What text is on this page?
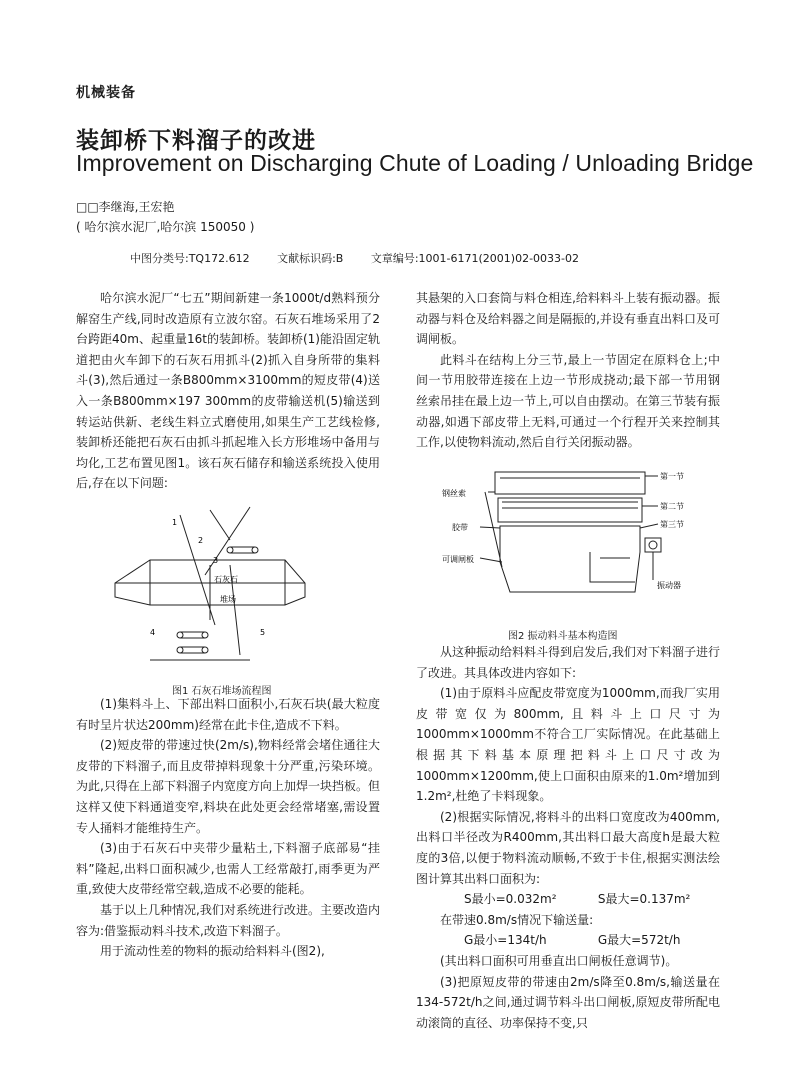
机械装备
装卸桥下料溜子的改进
Improvement on Discharging Chute of Loading / Unloading Bridge
□□李继海,王宏艳
( 哈尔滨水泥厂,哈尔滨 150050 )
中图分类号:TQ172.612	文献标识码:B	文章编号:1001-6171(2001)02-0033-02

哈尔滨水泥厂“七五”期间新建一条1000t/d熟料预分解窑生产线,同时改造原有立波尔窑。石灰石堆场采用了2台跨距40m、起重量16t的装卸桥。装卸桥(1)能沿固定轨道把由火车卸下的石灰石用抓斗(2)抓入自身所带的集料斗(3),然后通过一条B800mm×3100mm的短皮带(4)送入一条B800mm×197 300mm的皮带输送机(5)输送到转运站供新、老线生料立式磨使用,如果生产工艺线检修,装卸桥还能把石灰石由抓斗抓起堆入长方形堆场中备用与均化,工艺布置见图1。该石灰石储存和输送系统投入使用后,存在以下问题:

1
2
3
4	5
石灰石
堆场
图1 石灰石堆场流程图

(1)集料斗上、下部出料口面积小,石灰石块(最大粒度有时呈片状达200mm)经常在此卡住,造成不下料。

(2)短皮带的带速过快(2m/s),物料经常会堵住通往大皮带的下料溜子,而且皮带掉料现象十分严重,污染环境。为此,只得在上部下料溜子内宽度方向上加焊一块挡板。但这样又使下料通道变窄,料块在此处更会经常堵塞,需设置专人捅料才能维持生产。

(3)由于石灰石中夹带少量粘土,下料溜子底部易“挂料”隆起,出料口面积减少,也需人工经常敲打,雨季更为严重,致使大皮带经常空载,造成不必要的能耗。

基于以上几种情况,我们对系统进行改进。主要改造内容为:借鉴振动料斗技术,改造下料溜子。

用于流动性差的物料的振动给料料斗(图2),

其悬架的入口套筒与料仓相连,给料料斗上装有振动器。振动器与料仓及给料器之间是隔振的,并设有垂直出料口及可调闸板。

此料斗在结构上分三节,最上一节固定在原料仓上;中间一节用胶带连接在上边一节形成挠动;最下部一节用钢丝索吊挂在最上边一节上,可以自由摆动。在第三节装有振动器,如遇下部皮带上无料,可通过一个行程开关来控制其工作,以使物料流动,然后自行关闭振动器。

钢丝索
胶带
可调闸板
第一节
第二节
第三节
振动器
图2 振动料斗基本构造图

从这种振动给料料斗得到启发后,我们对下料溜子进行了改进。其具体改进内容如下:

(1)由于原料斗应配皮带宽度为1000mm,而我厂实用皮带宽仅为800mm,且料斗上口尺寸为1000mm×1000mm不符合工厂实际情况。在此基础上根据其下料基本原理把料斗上口尺寸改为1000mm×1200mm,使上口面积由原来的1.0m²增加到1.2m²,杜绝了卡料现象。

(2)根据实际情况,将料斗的出料口宽度改为400mm,出料口半径改为R400mm,其出料口最大高度h是最大粒度的3倍,以便于物料流动顺畅,不致于卡住,根据实测法绘图计算其出料口面积为:

S最小=0.032m²	S最大=0.137m²

在带速0.8m/s情况下输送量:

G最小=134t/h	G最大=572t/h

(其出料口面积可用垂直出口闸板任意调节)。

(3)把原短皮带的带速由2m/s降至0.8m/s,输送量在134-572t/h之间,通过调节料斗出口闸板,原短皮带所配电动滚筒的直径、功率保持不变,只
